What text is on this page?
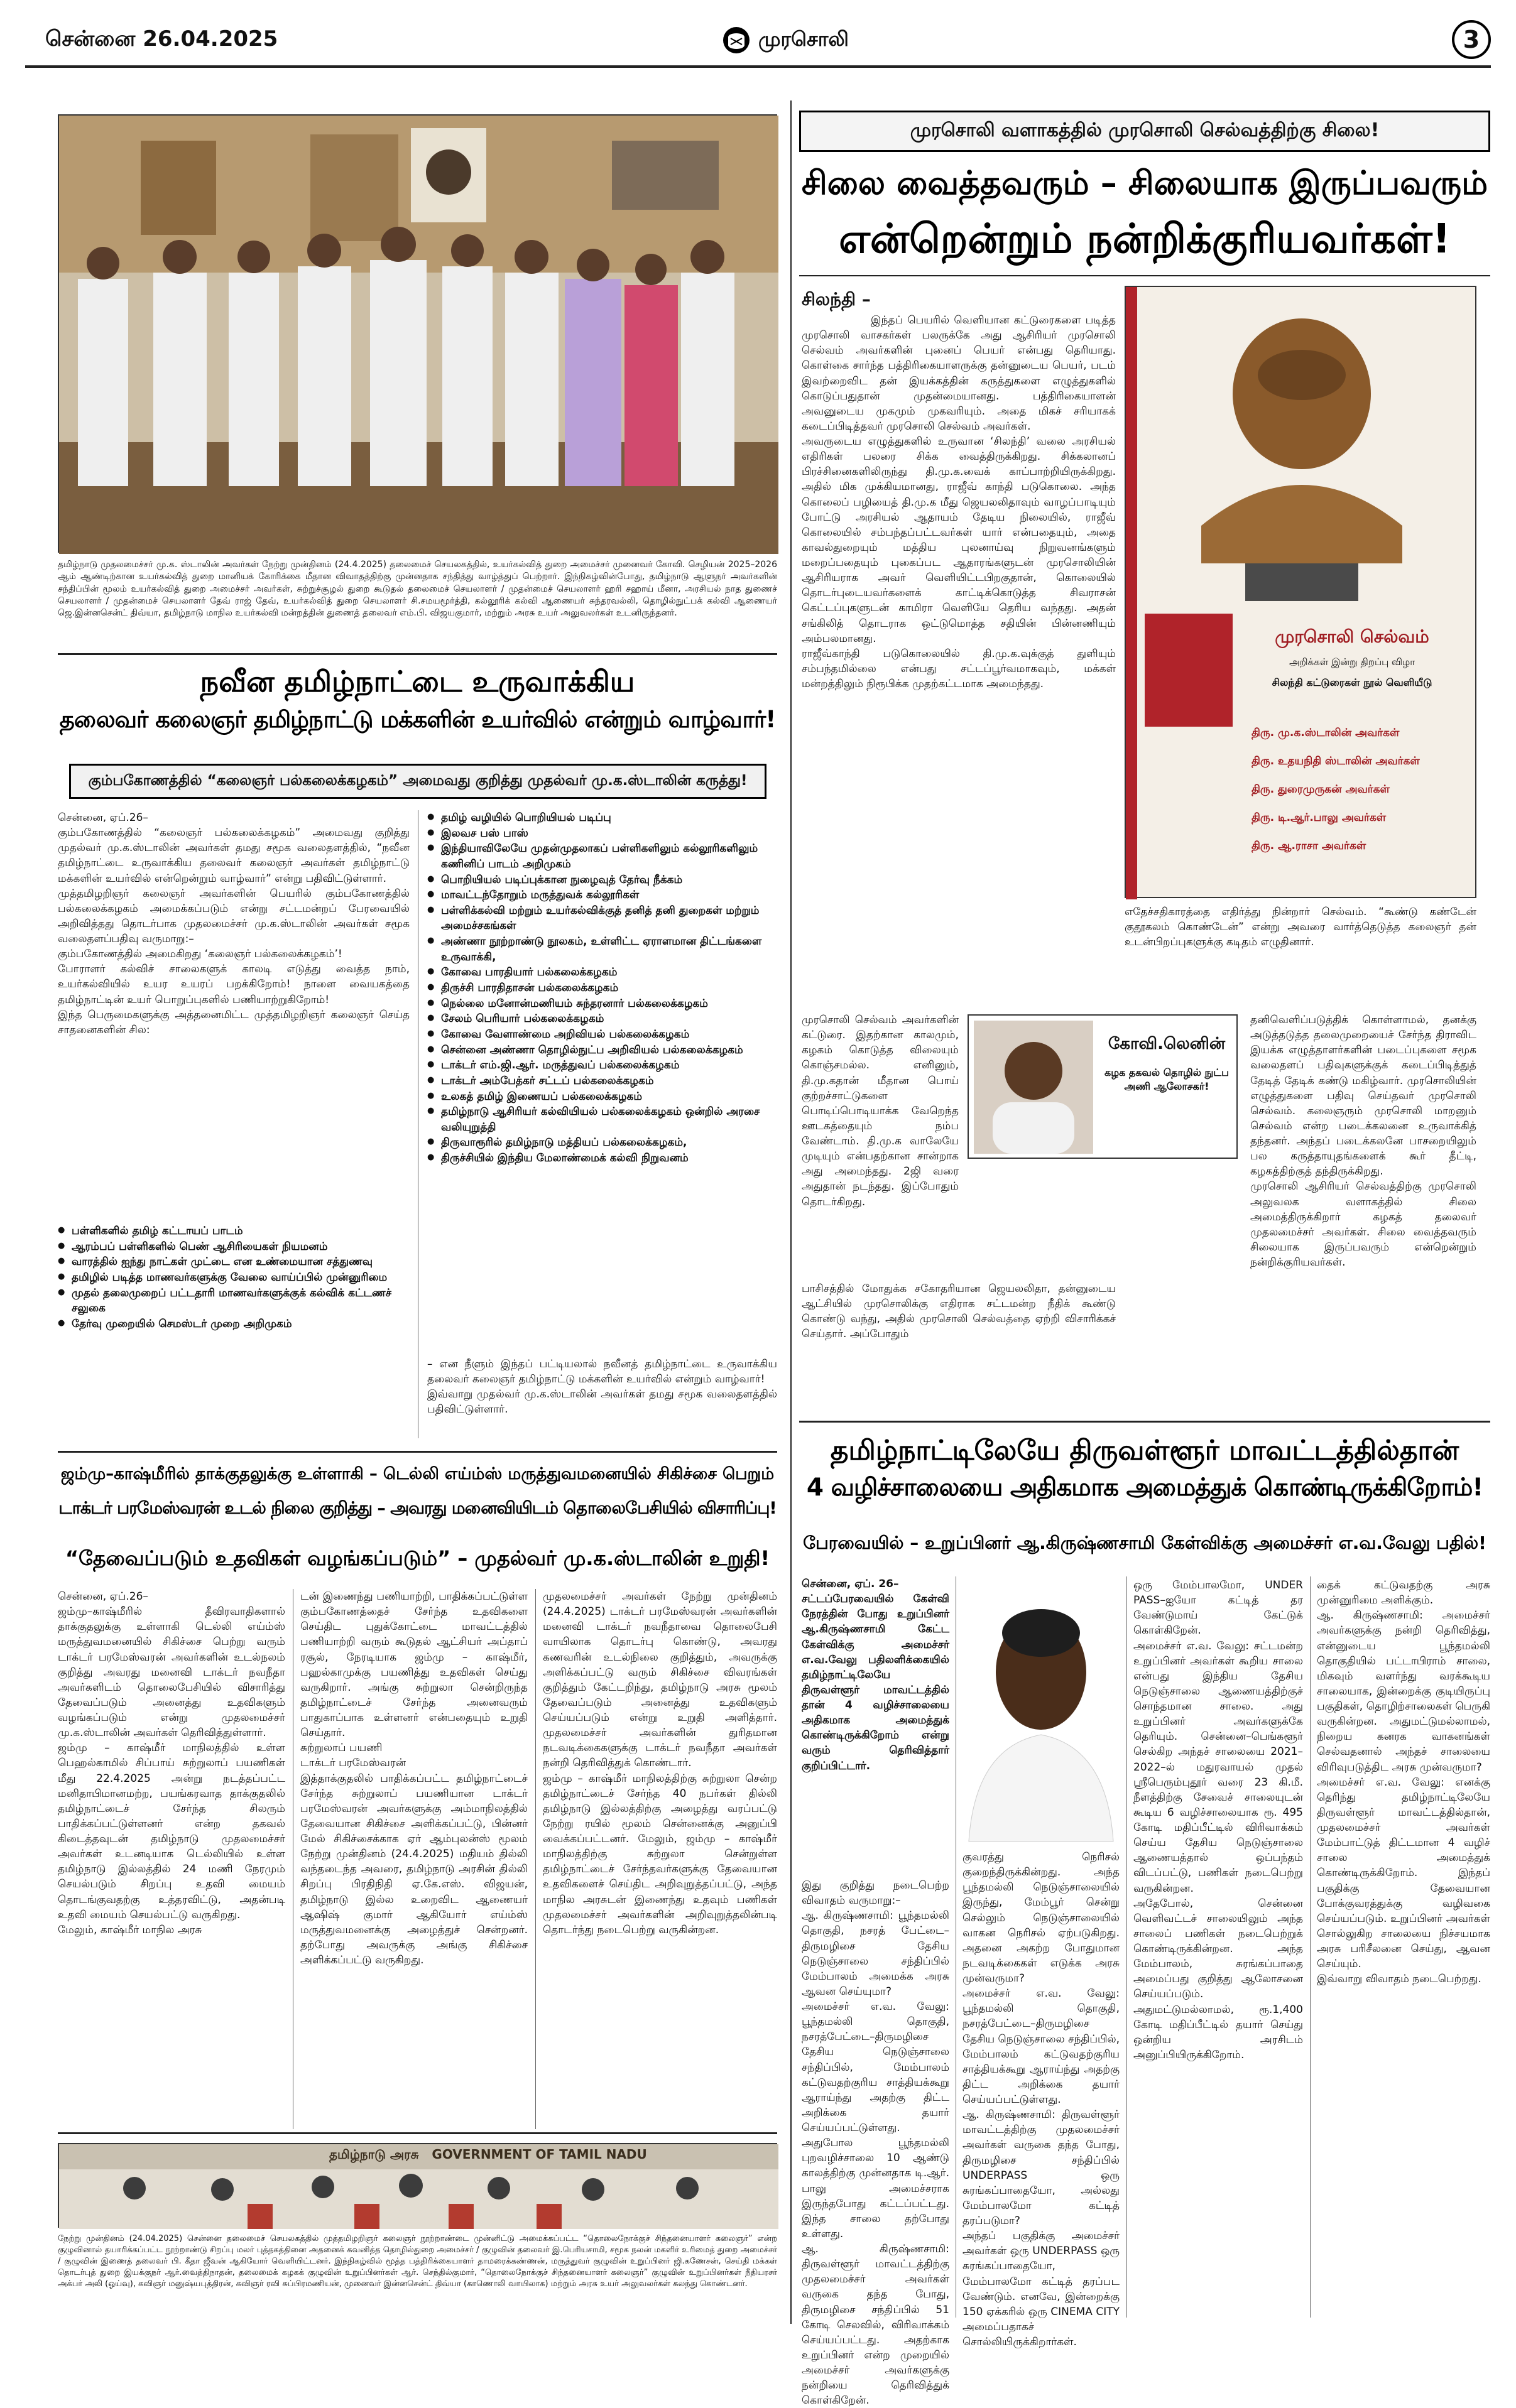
சென்னை 26.04.2025	முரசொலி	3
தமிழ்நாடு முதலமைச்சர் மு.க. ஸ்டாலின் அவர்கள் நேற்று முன்தினம் (24.4.2025) தலைமைச் செயலகத்தில், உயர்கல்வித் துறை அமைச்சர் முனைவர் கோவி. செழியன் 2025–2026 ஆம் ஆண்டிற்கான உயர்கல்வித் துறை மானியக் கோரிக்கை மீதான விவாதத்திற்கு முன்னதாக சந்தித்து வாழ்த்துப் பெற்றார். இந்நிகழ்வின்போது, தமிழ்நாடு ஆளுநர் அவர்களின் சந்திப்பின் மூலம் உயர்கல்வித் துறை அமைச்சர் அவர்கள், சுற்றுச்சூழல் துறை கூடுதல் தலைமைச் செயலாளர் / முதன்மைச் செயலாளர் ஹரி சஹாய் மீனா, அரசியல் நாத துணைச் செயலாளர் / முதன்மைச் செயலாளர் தேவ் ராஜ் தேவ், உயர்கல்வித் துறை செயலாளர் சி.சமயமூர்த்தி, கல்லூரிக் கல்வி ஆணையர் சுந்தரவல்லி, தொழில்நுட்பக் கல்வி ஆணையர் ஜெ.இன்னசென்ட் திவ்யா, தமிழ்நாடு மாநில உயர்கல்வி மன்றத்தின் துணைத் தலைவர் எம்.பி. விஜயகுமார், மற்றும் அரசு உயர் அலுவலர்கள் உடனிருந்தனர்.
நவீன தமிழ்நாட்டை உருவாக்கிய
தலைவர் கலைஞர் தமிழ்நாட்டு மக்களின் உயர்வில் என்றும் வாழ்வார்!
கும்பகோணத்தில் “கலைஞர் பல்கலைக்கழகம்” அமைவது குறித்து முதல்வர் மு.க.ஸ்டாலின் கருத்து!
சென்னை, ஏப்.26–
கும்பகோணத்தில் “கலைஞர் பல்கலைக்கழகம்” அமைவது குறித்து முதல்வர் மு.க.ஸ்டாலின் அவர்கள் தமது சமூக வலைதளத்தில், “நவீன தமிழ்நாட்டை உருவாக்கிய தலைவர் கலைஞர் அவர்கள் தமிழ்நாட்டு மக்களின் உயர்வில் என்றென்றும் வாழ்வார்” என்று பதிவிட்டுள்ளார்.
முத்தமிழறிஞர் கலைஞர் அவர்களின் பெயரில் கும்பகோணத்தில் பல்கலைக்கழகம் அமைக்கப்படும் என்று சட்டமன்றப் பேரவையில் அறிவித்தது தொடர்பாக முதலமைச்சர் மு.க.ஸ்டாலின் அவர்கள் சமூக வலைதளப்பதிவு வருமாறு:–
கும்பகோணத்தில் அமைகிறது ‘கலைஞர் பல்கலைக்கழகம்’!
போராளர் கல்விச் சாலைகளுக் காலடி எடுத்து வைத்த நாம், உயர்கல்வியில் உயர உயரப் பறக்கிறோம்! நாளை வையகத்தை தமிழ்நாட்டின் உயர் பொறுப்புகளில் பணியாற்றுகிறோம்!
இந்த பெருமைகளுக்கு அத்தனைமிட்ட முத்தமிழறிஞர் கலைஞர் செய்த சாதனைகளின் சில:
● பள்ளிகளில் தமிழ் கட்டாயப் பாடம்
● ஆரம்பப் பள்ளிகளில் பெண் ஆசிரியைகள் நியமனம்
● வாரத்தில் ஐந்து நாட்கள் முட்டை என உண்மையான சத்துணவு
● தமிழில் படித்த மாணவர்களுக்கு வேலை வாய்ப்பில் முன்னுரிமை
● முதல் தலைமுறைப் பட்டதாரி மாணவர்களுக்குக் கல்விக் கட்டணச் சலுகை
● தேர்வு முறையில் செமஸ்டர் முறை அறிமுகம்
● தமிழ் வழியில் பொறியியல் படிப்பு
● இலவச பஸ் பாஸ்
● இந்தியாவிலேயே முதன்முதலாகப் பள்ளிகளிலும் கல்லூரிகளிலும் கணினிப் பாடம் அறிமுகம்
● பொறியியல் படிப்புக்கான நுழைவுத் தேர்வு நீக்கம்
● மாவட்டந்தோறும் மருத்துவக் கல்லூரிகள்
● பள்ளிக்கல்வி மற்றும் உயர்கல்விக்குத் தனித் தனி துறைகள் மற்றும் அமைச்சகங்கள்
● அண்ணா நூற்றாண்டு நூலகம், உள்ளிட்ட ஏராளமான திட்டங்களை உருவாக்கி,
● கோவை பாரதியார் பல்கலைக்கழகம்
● திருச்சி பாரதிதாசன் பல்கலைக்கழகம்
● நெல்லை மனோன்மணியம் சுந்தரனார் பல்கலைக்கழகம்
● சேலம் பெரியார் பல்கலைக்கழகம்
● கோவை வேளாண்மை அறிவியல் பல்கலைக்கழகம்
● சென்னை அண்ணா தொழில்நுட்ப அறிவியல் பல்கலைக்கழகம்
● டாக்டர் எம்.ஜி.ஆர். மருத்துவப் பல்கலைக்கழகம்
● டாக்டர் அம்பேத்கர் சட்டப் பல்கலைக்கழகம்
● உலகத் தமிழ் இணையப் பல்கலைக்கழகம்
● தமிழ்நாடு ஆசிரியர் கல்வியியல் பல்கலைக்கழகம் ஒன்றில் அரசை வலியுறுத்தி
● திருவாரூரில் தமிழ்நாடு மத்தியப் பல்கலைக்கழகம்,
● திருச்சியில் இந்திய மேலாண்மைக் கல்வி நிறுவனம்
– என நீளும் இந்தப் பட்டியலால் நவீனத் தமிழ்நாட்டை உருவாக்கிய தலைவர் கலைஞர் தமிழ்நாட்டு மக்களின் உயர்வில் என்றும் வாழ்வார்!
இவ்வாறு முதல்வர் மு.க.ஸ்டாலின் அவர்கள் தமது சமூக வலைதளத்தில் பதிவிட்டுள்ளார்.
ஜம்மு–காஷ்மீரில் தாக்குதலுக்கு உள்ளாகி – டெல்லி எய்ம்ஸ் மருத்துவமனையில் சிகிச்சை பெறும்
டாக்டர் பரமேஸ்வரன் உடல் நிலை குறித்து – அவரது மனைவியிடம் தொலைபேசியில் விசாரிப்பு!
“தேவைப்படும் உதவிகள் வழங்கப்படும்” – முதல்வர் மு.க.ஸ்டாலின் உறுதி!
சென்னை, ஏப்.26–
ஜம்மு–காஷ்மீரில் தீவிரவாதிகளால் தாக்குதலுக்கு உள்ளாகி டெல்லி எய்ம்ஸ் மருத்துவமனையில் சிகிச்சை பெற்று வரும் டாக்டர் பரமேஸ்வரன் அவர்களின் உடல்நலம் குறித்து அவரது மனைவி டாக்டர் நவநீதா அவர்களிடம் தொலைபேசியில் விசாரித்து தேவைப்படும் அனைத்து உதவிகளும் வழங்கப்படும் என்று முதலமைச்சர் மு.க.ஸ்டாலின் அவர்கள் தெரிவித்துள்ளார்.
ஜம்மு – காஷ்மீர் மாநிலத்தில் உள்ள பெஹல்காமில் சிப்பாய் சுற்றுலாப் பயணிகள் மீது 22.4.2025 அன்று நடத்தப்பட்ட மனிதாபிமானமற்ற, பயங்கரவாத தாக்குதலில் தமிழ்நாட்டைச் சேர்ந்த சிலரும் பாதிக்கப்பட்டுள்ளனர் என்ற தகவல் கிடைத்தவுடன் தமிழ்நாடு முதலமைச்சர் அவர்கள் உடனடியாக டெல்லியில் உள்ள தமிழ்நாடு இல்லத்தில் 24 மணி நேரமும் செயல்படும் சிறப்பு உதவி மையம் தொடங்குவதற்கு உத்தரவிட்டு, அதன்படி உதவி மையம் செயல்பட்டு வருகிறது.
மேலும், காஷ்மீர் மாநில அரசு
டன் இணைந்து பணியாற்றி, பாதிக்கப்பட்டுள்ள கும்பகோணத்தைச் சேர்ந்த உதவிகளை செய்திட புதுக்கோட்டை மாவட்டத்தில் பணியாற்றி வரும் கூடுதல் ஆட்சியர் அப்தாப் ரசூல், நேரடியாக ஜம்மு – காஷ்மீர், பஹல்காமுக்கு பயணித்து உதவிகள் செய்து வருகிறார். அங்கு சுற்றுலா சென்றிருந்த தமிழ்நாட்டைச் சேர்ந்த அனைவரும் பாதுகாப்பாக உள்ளனர் என்பதையும் உறுதி செய்தார்.
சுற்றுலாப் பயணி
டாக்டர் பரமேஸ்வரன்
இத்தாக்குதலில் பாதிக்கப்பட்ட தமிழ்நாட்டைச் சேர்ந்த சுற்றுலாப் பயணியான டாக்டர் பரமேஸ்வரன் அவர்களுக்கு அம்மாநிலத்தில் தேவையான சிகிச்சை அளிக்கப்பட்டு, பின்னர் மேல் சிகிச்சைக்காக ஏர் ஆம்புலன்ஸ் மூலம் நேற்று முன்தினம் (24.4.2025) மதியம் தில்லி வந்தடைந்த அவரை, தமிழ்நாடு அரசின் தில்லி சிறப்பு பிரதிநிதி ஏ.கே.எஸ். விஜயன், தமிழ்நாடு இல்ல உறைவிட ஆணையர் ஆஷிஷ் குமார் ஆகியோர் எய்ம்ஸ் மருத்துவமனைக்கு அழைத்துச் சென்றனர். தற்போது அவருக்கு அங்கு சிகிச்சை அளிக்கப்பட்டு வருகிறது.
முதலமைச்சர் அவர்கள் நேற்று முன்தினம் (24.4.2025) டாக்டர் பரமேஸ்வரன் அவர்களின் மனைவி டாக்டர் நவநீதாவை தொலைபேசி வாயிலாக தொடர்பு கொண்டு, அவரது கணவரின் உடல்நிலை குறித்தும், அவருக்கு அளிக்கப்பட்டு வரும் சிகிச்சை விவரங்கள் குறித்தும் கேட்டறிந்து, தமிழ்நாடு அரசு மூலம் தேவைப்படும் அனைத்து உதவிகளும் செய்யப்படும் என்று உறுதி அளித்தார். முதலமைச்சர் அவர்களின் துரிதமான நடவடிக்கைகளுக்கு டாக்டர் நவநீதா அவர்கள் நன்றி தெரிவித்துக் கொண்டார்.
ஜம்மு – காஷ்மீர் மாநிலத்திற்கு சுற்றுலா சென்ற தமிழ்நாட்டைச் சேர்ந்த 40 நபர்கள் தில்லி தமிழ்நாடு இல்லத்திற்கு அழைத்து வரப்பட்டு நேற்று ரயில் மூலம் சென்னைக்கு அனுப்பி வைக்கப்பட்டனர். மேலும், ஜம்மு – காஷ்மீர் மாநிலத்திற்கு சுற்றுலா சென்றுள்ள தமிழ்நாட்டைச் சேர்ந்தவர்களுக்கு தேவையான உதவிகளைச் செய்திட அறிவுறுத்தப்பட்டு, அந்த மாநில அரசுடன் இணைந்து உதவும் பணிகள் முதலமைச்சர் அவர்களின் அறிவுறுத்தலின்படி தொடர்ந்து நடைபெற்று வருகின்றன.
தமிழ்நாடு அரசு   GOVERNMENT OF TAMIL NADU
நேற்று முன்தினம் (24.04.2025) சென்னை தலைமைச் செயலகத்தில் முத்தமிழறிஞர் கலைஞர் நூற்றாண்டை முன்னிட்டு அமைக்கப்பட்ட “தொலைநோக்குச் சிந்தனையாளர் கலைஞர்” என்ற குழுவினால் தயாரிக்கப்பட்ட நூற்றாண்டு சிறப்பு மலர் புத்தகத்தினை அதனைக் கவனித்த தொழில்துறை அமைச்சர் / குழுவின் தலைவர் இ.பெரியசாமி, சமூக நலன் மகளிர் உரிமைத் துறை அமைச்சர் / குழுவின் இணைத் தலைவர் பி. கீதா ஜீவன் ஆகியோர் வெளியிட்டனர். இந்நிகழ்வில் மூத்த பத்திரிக்கையாளர் தாமரைக்கண்ணன், மருத்துவர் குழுவின் உறுப்பினர் ஜி.கணேசன், செய்தி மக்கள் தொடர்புத் துறை இயக்குநர் ஆர்.வைத்திநாதன், தலைமைக் கழகக் குழுவின் உறுப்பினர்கள் ஆர். செந்தில்குமார், “தொலைநோக்குச் சிந்தனையாளர் கலைஞர்” குழுவின் உறுப்பினர்கள் நீதியரசர் அக்பர் அலி (ஓய்வு), கவிஞர் மனுஷ்யபுத்திரன், கவிஞர் ரவி சுப்பிரமணியன், முனைவர் இன்னசென்ட் திவ்யா (காணொலி வாயிலாக) மற்றும் அரசு உயர் அலுவலர்கள் கலந்து கொண்டனர்.
முரசொலி வளாகத்தில் முரசொலி செல்வத்திற்கு சிலை!
சிலை வைத்தவரும் – சிலையாக இருப்பவரும்
என்றென்றும் நன்றிக்குரியவர்கள்!
சிலந்தி –
இந்தப் பெயரில் வெளியான கட்டுரைகளை படித்த முரசொலி வாசகர்கள் பலருக்கே அது ஆசிரியர் முரசொலி செல்வம் அவர்களின் புனைப் பெயர் என்பது தெரியாது. கொள்கை சார்ந்த பத்திரிகையாளருக்கு தன்னுடைய பெயர், படம் இவற்றைவிட தன் இயக்கத்தின் கருத்துகளை எழுத்துகளில் கொடுப்பதுதான் முதன்மையானது. பத்திரிகையாளன் அவனுடைய முகமும் முகவரியும். அதை மிகச் சரியாகக் கடைப்பிடித்தவர் முரசொலி செல்வம் அவர்கள்.
அவருடைய எழுத்துகளில் உருவான ‘சிலந்தி’ வலை அரசியல் எதிரிகள் பலரை சிக்க வைத்திருக்கிறது. சிக்கலானப் பிரச்சினைகளிலிருந்து தி.மு.க.வைக் காப்பாற்றியிருக்கிறது. அதில் மிக முக்கியமானது, ராஜீவ் காந்தி படுகொலை. அந்த கொலைப் பழியைத் தி.மு.க மீது ஜெயலலிதாவும் வாழப்பாடியும் போட்டு அரசியல் ஆதாயம் தேடிய நிலையில், ராஜீவ் கொலையில் சம்பந்தப்பட்டவர்கள் யார் என்பதையும், அதை காவல்துறையும் மத்திய புலனாய்வு நிறுவனங்களும் மறைப்பதையும் புகைப்பட ஆதாரங்களுடன் முரசொலியின் ஆசிரியராக அவர் வெளியிட்டபிறகுதான், கொலையில் தொடர்புடையவர்களைக் காட்டிக்கொடுத்த சிவராசன் கெட்டப்புகளுடன் காமிரா வெளியே தெரிய வந்தது. அதன் சங்கிலித் தொடராக ஒட்டுமொத்த சதியின் பின்னணியும் அம்பலமானது.
ராஜீவ்காந்தி படுகொலையில் தி.மு.க.வுக்குத் துளியும் சம்பந்தமில்லை என்பது சட்டப்பூர்வமாகவும், மக்கள் மன்றத்திலும் நிரூபிக்க முதற்கட்டமாக அமைந்தது.
முரசொலி செல்வம் அவர்களின் கட்டுரை. இதற்கான காலமும், கழகம் கொடுத்த விலையும் கொஞ்சமல்ல. எனினும், தி.மு.கதான் மீதான பொய் குற்றச்சாட்டுகளை பொடிப்பொடியாக்க வேறெந்த ஊடகத்தையும் நம்ப வேண்டாம். தி.மு.க வாலேயே முடியும் என்பதற்கான சான்றாக அது அமைந்தது. 2ஜி வரை அதுதான் நடந்தது. இப்போதும் தொடர்கிறது.
பாசிசத்தில் மோதுக்க சகோதரியான ஜெயலலிதா, தன்னுடைய ஆட்சியில் முரசொலிக்கு எதிராக சட்டமன்ற நீதிக் கூண்டு கொண்டு வந்து, அதில் முரசொலி செல்வத்தை ஏற்றி விசாரிக்கச் செய்தார். அப்போதும்
கோவி.லெனின்
கழக தகவல் தொழில் நுட்ப அணி ஆலோசகர்!
முரசொலி செல்வம்
அறிக்கள் இன்று திறப்பு விழா
சிலந்தி கட்டுரைகள் நூல் வெளியீடு
திரு. மு.க.ஸ்டாலின் அவர்கள்
திரு. உதயநிதி ஸ்டாலின் அவர்கள்
திரு. துரைமுருகன் அவர்கள்
திரு. டி.ஆர்.பாலு அவர்கள்
திரு. ஆ.ராசா அவர்கள்
எதேச்சதிகாரத்தை எதிர்த்து நின்றார் செல்வம். “கூண்டு கண்டேன் குதூகலம் கொண்டேன்” என்று அவரை வார்த்தெடுத்த கலைஞர் தன் உடன்பிறப்புகளுக்கு கடிதம் எழுதினார்.
தனிவெளிப்படுத்திக் கொள்ளாமல், தனக்கு அடுத்தடுத்த தலைமுறையைச் சேர்ந்த திராவிட இயக்க எழுத்தாளர்களின் படைப்புகளை சமூக வலைதளப் பதிவுகளுக்குக் கடைப்பிடித்துத் தேடித் தேடிக் கண்டு மகிழ்வார். முரசொலியின் எழுத்துகளை பதிவு செய்தவர் முரசொலி செல்வம். கலைஞரும் முரசொலி மாறனும் செல்வம் என்ற படைக்கலனை உருவாக்கித் தந்தனர். அந்தப் படைக்கலனே பாசறையிலும் பல கருத்தாயுதங்களைக் கூர் தீட்டி, கழகத்திற்குத் தந்திருக்கிறது.
முரசொலி ஆசிரியர் செல்வத்திற்கு முரசொலி அலுவலக வளாகத்தில் சிலை அமைத்திருக்கிறார் கழகத் தலைவர் முதலமைச்சர் அவர்கள். சிலை வைத்தவரும் சிலையாக இருப்பவரும் என்றென்றும் நன்றிக்குரியவர்கள்.
தமிழ்நாட்டிலேயே திருவள்ளூர் மாவட்டத்தில்தான்
4 வழிச்சாலையை அதிகமாக அமைத்துக் கொண்டிருக்கிறோம்!
பேரவையில் – உறுப்பினர் ஆ.கிருஷ்ணசாமி கேள்விக்கு அமைச்சர் எ.வ.வேலு பதில்!
சென்னை, ஏப். 26–
சட்டப்பேரவையில் கேள்வி நேரத்தின் போது உறுப்பினர் ஆ.கிருஷ்ணசாமி கேட்ட கேள்விக்கு அமைச்சர் எ.வ.வேலு பதிலளிக்கையில் தமிழ்நாட்டிலேயே திருவள்ளூர் மாவட்டத்தில் தான் 4 வழிச்சாலையை அதிகமாக அமைத்துக் கொண்டிருக்கிறோம் என்று வரும் தெரிவித்தார் குறிப்பிட்டார்.
இது குறித்து நடைபெற்ற விவாதம் வருமாறு:–
ஆ. கிருஷ்ணசாமி: பூந்தமல்லி தொகுதி, நசரத் பேட்டை–திருமழிசை தேசிய நெடுஞ்சாலை சந்திப்பில் மேம்பாலம் அமைக்க அரசு ஆவன செய்யுமா?
அமைச்சர் எ.வ. வேலு: பூந்தமல்லி தொகுதி, நசரத்பேட்டை–திருமழிசை தேசிய நெடுஞ்சாலை சந்திப்பில், மேம்பாலம் கட்டுவதற்குரிய சாத்தியக்கூறு ஆராய்ந்து அதற்கு திட்ட அறிக்கை தயார் செய்யப்பட்டுள்ளது. அதுபோல பூந்தமல்லி புறவழிச்சாலை 10 ஆண்டு காலத்திற்கு முன்னதாக டி.ஆர். பாலு அமைச்சராக இருந்தபோது கட்டப்பட்டது. இந்த சாலை தற்போது உள்ளது.
ஆ. கிருஷ்ணசாமி: திருவள்ளூர் மாவட்டத்திற்கு முதலமைச்சர் அவர்கள் வருகை தந்த போது, திருமழிசை சந்திப்பில் 51 கோடி செலவில், விரிவாக்கம் செய்யப்பட்டது. அதற்காக உறுப்பினர் என்ற முறையில் அமைச்சர் அவர்களுக்கு நன்றியை தெரிவித்துக் கொள்கிறேன்.
குவரத்து நெரிசல் குறைந்திருக்கின்றது. அந்த பூந்தமல்லி நெடுஞ்சாலையில் இருந்து, மேம்பூர் சென்று செல்லும் நெடுஞ்சாலையில் வாகன நெரிசல் ஏற்படுகிறது. அதனை அகற்ற போதுமான நடவடிக்கைகள் எடுக்க அரசு முன்வருமா?
அமைச்சர் எ.வ. வேலு: பூந்தமல்லி தொகுதி, நசரத்பேட்டை–திருமழிசை தேசிய நெடுஞ்சாலை சந்திப்பில், மேம்பாலம் கட்டுவதற்குரிய சாத்தியக்கூறு ஆராய்ந்து அதற்கு திட்ட அறிக்கை தயார் செய்யப்பட்டுள்ளது.
ஆ. கிருஷ்ணசாமி: திருவள்ளூர் மாவட்டத்திற்கு முதலமைச்சர் அவர்கள் வருகை தந்த போது, திருமழிசை சந்திப்பில் UNDERPASS ஒரு சுரங்கப்பாதையோ, அல்லது மேம்பாலமோ கட்டித் தரப்படுமா?
அந்தப் பகுதிக்கு அமைச்சர் அவர்கள் ஒரு UNDERPASS ஒரு சுரங்கப்பாதையோ, மேம்பாலமோ கட்டித் தரப்பட வேண்டும். எனவே, இன்றைக்கு 150 ஏக்கரில் ஒரு CINEMA CITY அமைப்பதாகச் சொல்லியிருக்கிறார்கள்.
ஒரு மேம்பாலமோ, UNDER PASS–ஐயோ கட்டித் தர வேண்டுமாய் கேட்டுக் கொள்கிறேன்.
அமைச்சர் எ.வ. வேலு: சட்டமன்ற உறுப்பினர் அவர்கள் கூறிய சாலை என்பது இந்திய தேசிய நெடுஞ்சாலை ஆணையத்திற்குச் சொந்தமான சாலை. அது உறுப்பினர் அவர்களுக்கே தெரியும். சென்னை–பெங்களூர் செல்கிற அந்தச் சாலையை 2021–2022–ல் மதுரவாயல் முதல் ஸ்ரீபெரும்புதூர் வரை 23 கி.மீ. நீளத்திற்கு சேவைச் சாலையுடன் கூடிய 6 வழிச்சாலையாக ரூ. 495 கோடி மதிப்பீட்டில் விரிவாக்கம் செய்ய தேசிய நெடுஞ்சாலை ஆணையத்தால் ஒப்பந்தம் விடப்பட்டு, பணிகள் நடைபெற்று வருகின்றன.
அதேபோல், சென்னை வெளிவட்டச் சாலையிலும் அந்த சாலைப் பணிகள் நடைபெற்றுக் கொண்டிருக்கின்றன. அந்த மேம்பாலம், சுரங்கப்பாதை அமைப்பது குறித்து ஆலோசனை செய்யப்படும். அதுமட்டுமல்லாமல், ரூ.1,400 கோடி மதிப்பீட்டில் தயார் செய்து ஒன்றிய அரசிடம் அனுப்பியிருக்கிறோம்.
தைக் கட்டுவதற்கு அரசு முன்னுரிமை அளிக்கும்.
ஆ. கிருஷ்ணசாமி: அமைச்சர் அவர்களுக்கு நன்றி தெரிவித்து, என்னுடைய பூந்தமல்லி தொகுதியில் பட்டாபிராம் சாலை, மிகவும் வளர்ந்து வரக்கூடிய சாலையாக, இன்றைக்கு குடியிருப்பு பகுதிகள், தொழிற்சாலைகள் பெருகி வருகின்றன. அதுமட்டுமல்லாமல், நிறைய கனரக வாகனங்கள் செல்வதனால் அந்தச் சாலையை விரிவுபடுத்திட அரசு முன்வருமா?
அமைச்சர் எ.வ. வேலு: எனக்கு தெரிந்து தமிழ்நாட்டிலேயே திருவள்ளூர் மாவட்டத்தில்தான், முதலமைச்சர் அவர்கள் மேம்பாட்டுத் திட்டமான 4 வழிச் சாலை அமைத்துக் கொண்டிருக்கிறோம். இந்தப் பகுதிக்கு தேவையான போக்குவரத்துக்கு வழிவகை செய்யப்படும். உறுப்பினர் அவர்கள் சொல்லுகிற சாலையை நிச்சயமாக அரசு பரிசீலனை செய்து, ஆவன செய்யும்.
இவ்வாறு விவாதம் நடைபெற்றது.
